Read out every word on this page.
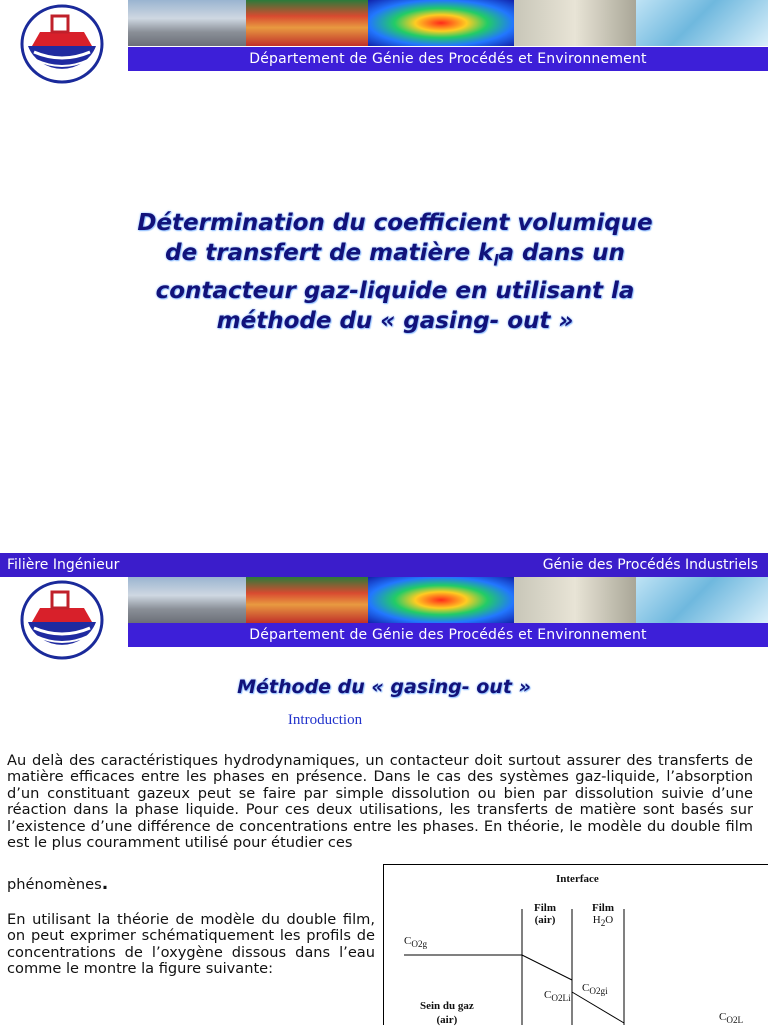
Département de Génie des Procédés et Environnement
Détermination du coefficient volumique
de transfert de matière $k_la$ dans un
contacteur gaz-liquide en utilisant la
méthode du « gasing- out »
Filière Ingénieur	Génie des Procédés Industriels
Département de Génie des Procédés et Environnement
Méthode du « gasing- out »
Introduction
Au delà des caractéristiques hydrodynamiques, un contacteur doit surtout assurer des transferts de matière efficaces entre les phases en présence. Dans le cas des systèmes gaz-liquide, l’absorption d’un constituant gazeux peut se faire par simple dissolution ou bien par dissolution suivie d’une réaction dans la phase liquide. Pour ces deux utilisations, les transferts de matière sont basés sur l’existence d’une différence de concentrations entre les phases. En théorie, le modèle du double film est le plus couramment utilisé pour étudier ces
phénomènes.
En utilisant la théorie de modèle du double film, on peut exprimer schématiquement les profils de concentrations de l’oxygène dissous dans l’eau comme le montre la figure suivante:
Interface
Film
(air)
Film
$H_2O$
$C_{O2g}$
$C_{O2gi}$
$C_{O2Li}$
$C_{O2L}$
Sein du gaz
(air)
